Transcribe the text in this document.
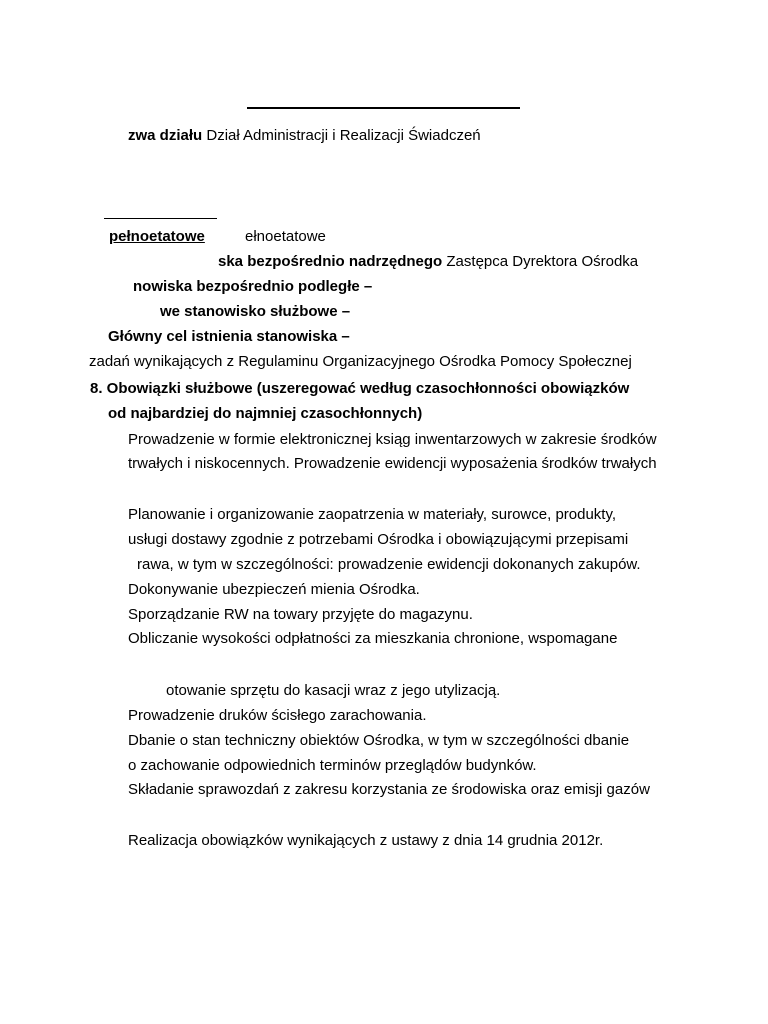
zwa działu Dział Administracji i Realizacji Świadczeń
pełnoetatowe	ełnoetatowe
ska bezpośrednio nadrzędnego Zastępca Dyrektora Ośrodka
nowiska bezpośrednio podległe –
we stanowisko służbowe –
Główny cel istnienia stanowiska –
zadań wynikających z Regulaminu Organizacyjnego Ośrodka Pomocy Społecznej
8. Obowiązki służbowe (uszeregować według czasochłonności obowiązków
od najbardziej do najmniej czasochłonnych)
Prowadzenie w formie elektronicznej ksiąg inwentarzowych w zakresie środków
trwałych i niskocennych. Prowadzenie ewidencji wyposażenia środków trwałych
Planowanie i organizowanie zaopatrzenia w materiały, surowce, produkty,
usługi dostawy zgodnie z potrzebami Ośrodka i obowiązującymi przepisami
rawa, w tym w szczególności: prowadzenie ewidencji dokonanych zakupów.
Dokonywanie ubezpieczeń mienia Ośrodka.
Sporządzanie RW na towary przyjęte do magazynu.
Obliczanie wysokości odpłatności za mieszkania chronione, wspomagane
otowanie sprzętu do kasacji wraz z jego utylizacją.
Prowadzenie druków ścisłego zarachowania.
Dbanie o stan techniczny obiektów Ośrodka, w tym w szczególności dbanie
o zachowanie odpowiednich terminów przeglądów budynków.
Składanie sprawozdań z zakresu korzystania ze środowiska oraz emisji gazów
Realizacja obowiązków wynikających z ustawy z dnia 14 grudnia 2012r.
